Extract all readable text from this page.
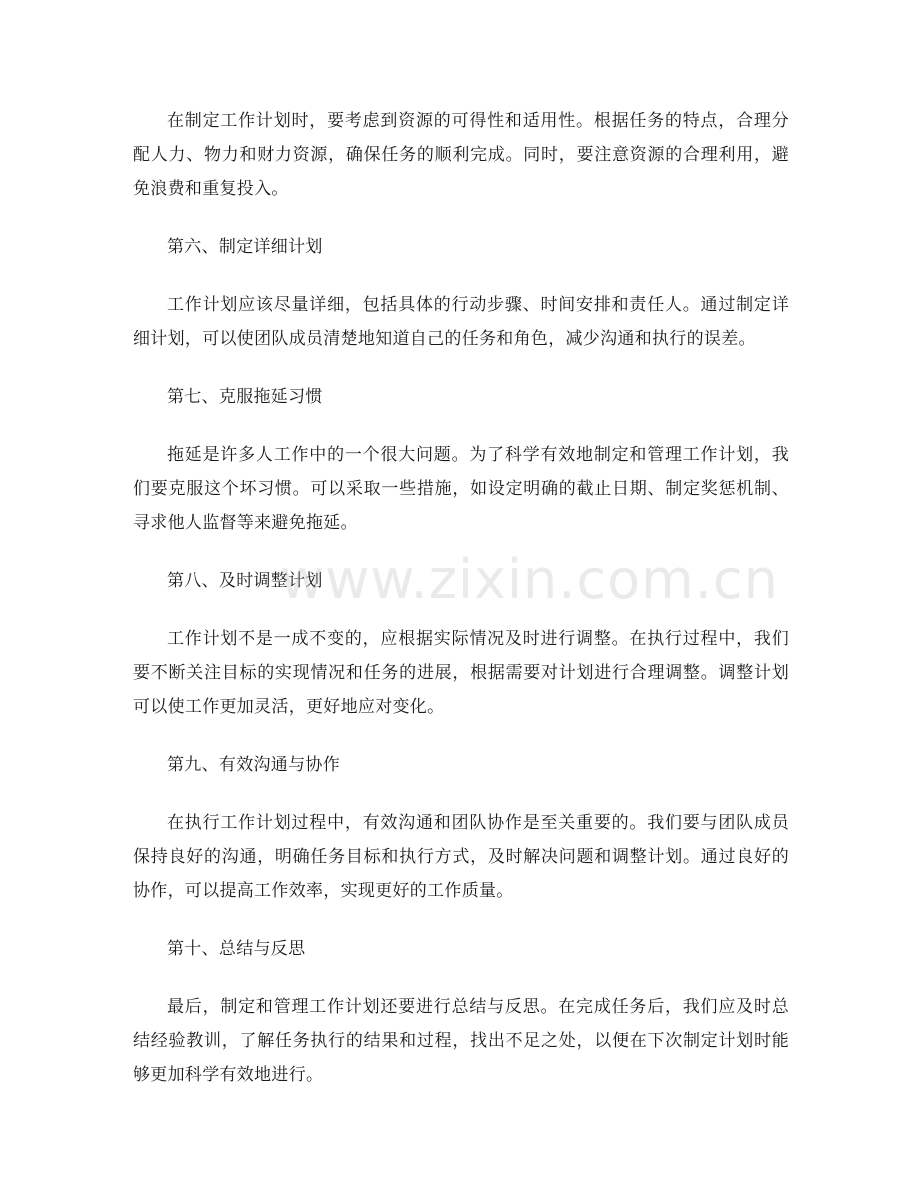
在制定工作计划时，要考虑到资源的可得性和适用性。根据任务的特点，合理分配人力、物力和财力资源，确保任务的顺利完成。同时，要注意资源的合理利用，避免浪费和重复投入。

第六、制定详细计划

工作计划应该尽量详细，包括具体的行动步骤、时间安排和责任人。通过制定详细计划，可以使团队成员清楚地知道自己的任务和角色，减少沟通和执行的误差。

第七、克服拖延习惯

拖延是许多人工作中的一个很大问题。为了科学有效地制定和管理工作计划，我们要克服这个坏习惯。可以采取一些措施，如设定明确的截止日期、制定奖惩机制、寻求他人监督等来避免拖延。

第八、及时调整计划

工作计划不是一成不变的，应根据实际情况及时进行调整。在执行过程中，我们要不断关注目标的实现情况和任务的进展，根据需要对计划进行合理调整。调整计划可以使工作更加灵活，更好地应对变化。

第九、有效沟通与协作

在执行工作计划过程中，有效沟通和团队协作是至关重要的。我们要与团队成员保持良好的沟通，明确任务目标和执行方式，及时解决问题和调整计划。通过良好的协作，可以提高工作效率，实现更好的工作质量。

第十、总结与反思

最后，制定和管理工作计划还要进行总结与反思。在完成任务后，我们应及时总结经验教训，了解任务执行的结果和过程，找出不足之处，以便在下次制定计划时能够更加科学有效地进行。

www.zixin.com.cn
